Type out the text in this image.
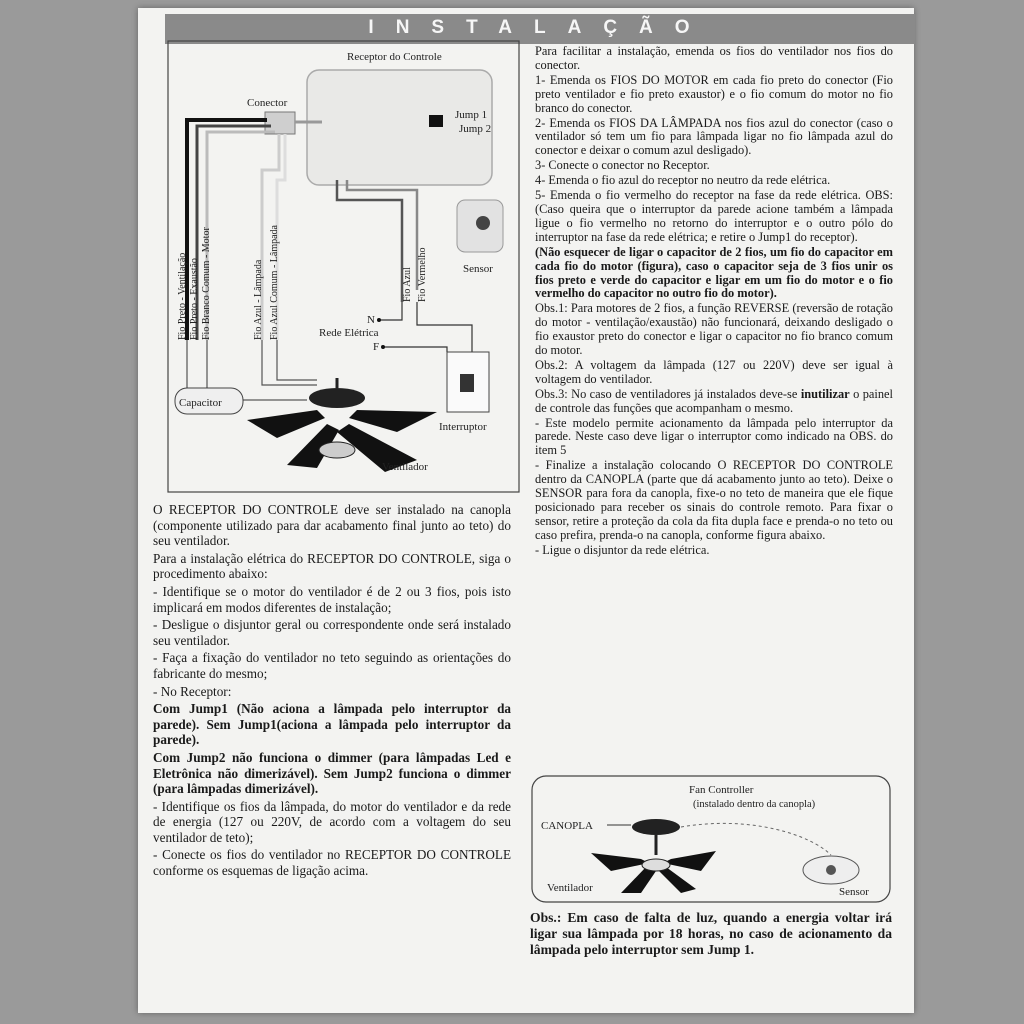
INSTALAÇÃO
Receptor do Controle
Jump 1
Jump 2
Conector
Sensor
Fio Preto - Ventilação Fio Preto - Exaustão Fio Branco Comum - Motor	Fio Azul - Lâmpada Fio Azul Comum - Lâmpada	Fio Azul Fio Vermelho
N
Rede Elétrica
F
Interruptor
Capacitor
Ventilador

O RECEPTOR DO CONTROLE deve ser instalado na canopla (componente utilizado para dar acabamento final junto ao teto) do seu ventilador.

Para a instalação elétrica do RECEPTOR DO CONTROLE, siga o procedimento abaixo:

- Identifique se o motor do ventilador é de 2 ou 3 fios, pois isto implicará em modos diferentes de instalação;

- Desligue o disjuntor geral ou correspondente onde será instalado seu ventilador.

- Faça a fixação do ventilador no teto seguindo as orientações do fabricante do mesmo;

- No Receptor:

Com Jump1 (Não aciona a lâmpada pelo interruptor da parede). Sem Jump1(aciona a lâmpada pelo interruptor da parede).

Com Jump2 não funciona o dimmer (para lâmpadas Led e Eletrônica não dimerizável). Sem Jump2 funciona o dimmer (para lâmpadas dimerizável).

- Identifique os fios da lâmpada, do motor do ventilador e da rede de energia (127 ou 220V, de acordo com a voltagem do seu ventilador de teto);

- Conecte os fios do ventilador no RECEPTOR DO CONTROLE conforme os esquemas de ligação acima.

Para facilitar a instalação, emenda os fios do ventilador nos fios do conector.

1- Emenda os FIOS DO MOTOR em cada fio preto do conector (Fio preto ventilador e fio preto exaustor) e o fio comum do motor no fio branco do conector.

2- Emenda os FIOS DA LÂMPADA nos fios azul do conector (caso o ventilador só tem um fio para lâmpada ligar no fio lâmpada azul do conector e deixar o comum azul desligado).

3- Conecte o conector no Receptor.

4- Emenda o fio azul do receptor no neutro da rede elétrica.

5- Emenda o fio vermelho do receptor na fase da rede elétrica. OBS: (Caso queira que o interruptor da parede acione também a lâmpada ligue o fio vermelho no retorno do interruptor e o outro pólo do interruptor na fase da rede elétrica; e retire o Jump1 do receptor).

(Não esquecer de ligar o capacitor de 2 fios, um fio do capacitor em cada fio do motor (figura), caso o capacitor seja de 3 fios unir os fios preto e verde do capacitor e ligar em um fio do motor e o fio vermelho do capacitor no outro fio do motor).

Obs.1: Para motores de 2 fios, a função REVERSE (reversão de rotação do motor - ventilação/exaustão) não funcionará, deixando desligado o fio exaustor preto do conector e ligar o capacitor no fio branco comum do motor.

Obs.2: A voltagem da lâmpada (127 ou 220V) deve ser igual à voltagem do ventilador.

Obs.3: No caso de ventiladores já instalados deve-se inutilizar o painel de controle das funções que acompanham o mesmo.

- Este modelo permite acionamento da lâmpada pelo interruptor da parede. Neste caso deve ligar o interruptor como indicado na OBS. do item 5

- Finalize a instalação colocando O RECEPTOR DO CONTROLE dentro da CANOPLA (parte que dá acabamento junto ao teto). Deixe o SENSOR para fora da canopla, fixe-o no teto de maneira que ele fique posicionado para receber os sinais do controle remoto. Para fixar o sensor, retire a proteção da cola da fita dupla face e prenda-o no teto ou caso prefira, prenda-o na canopla, conforme figura abaixo.

- Ligue o disjuntor da rede elétrica.

Fan Controller
(instalado dentro da canopla)
CANOPLA
Ventilador	Sensor
Obs.: Em caso de falta de luz, quando a energia voltar irá ligar sua lâmpada por 18 horas, no caso de acionamento da lâmpada pelo interruptor sem Jump 1.
